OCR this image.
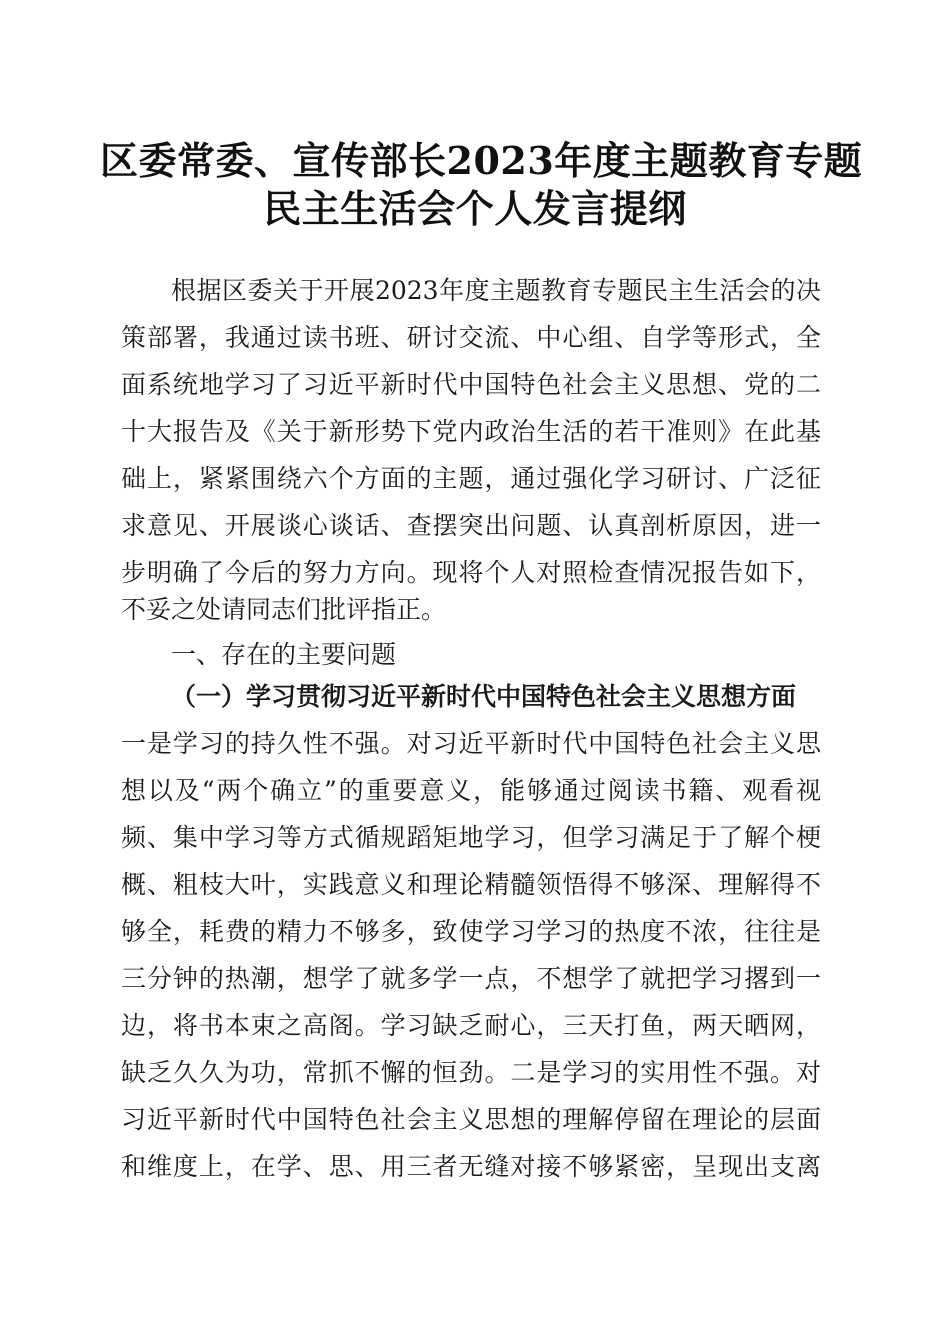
区委常委、宣传部长2023年度主题教育专题
民主生活会个人发言提纲
根据区委关于开展2023年度主题教育专题民主生活会的决
策部署，我通过读书班、研讨交流、中心组、自学等形式，全
面系统地学习了习近平新时代中国特色社会主义思想、党的二
十大报告及《关于新形势下党内政治生活的若干准则》在此基
础上，紧紧围绕六个方面的主题，通过强化学习研讨、广泛征
求意见、开展谈心谈话、查摆突出问题、认真剖析原因，进一
步明确了今后的努力方向。现将个人对照检查情况报告如下，
不妥之处请同志们批评指正。
一、存在的主要问题
（一）学习贯彻习近平新时代中国特色社会主义思想方面
一是学习的持久性不强。对习近平新时代中国特色社会主义思
想以及“两个确立”的重要意义，能够通过阅读书籍、观看视
频、集中学习等方式循规蹈矩地学习，但学习满足于了解个梗
概、粗枝大叶，实践意义和理论精髓领悟得不够深、理解得不
够全，耗费的精力不够多，致使学习学习的热度不浓，往往是
三分钟的热潮，想学了就多学一点，不想学了就把学习撂到一
边，将书本束之高阁。学习缺乏耐心，三天打鱼，两天晒网，
缺乏久久为功，常抓不懈的恒劲。二是学习的实用性不强。对
习近平新时代中国特色社会主义思想的理解停留在理论的层面
和维度上，在学、思、用三者无缝对接不够紧密，呈现出支离
